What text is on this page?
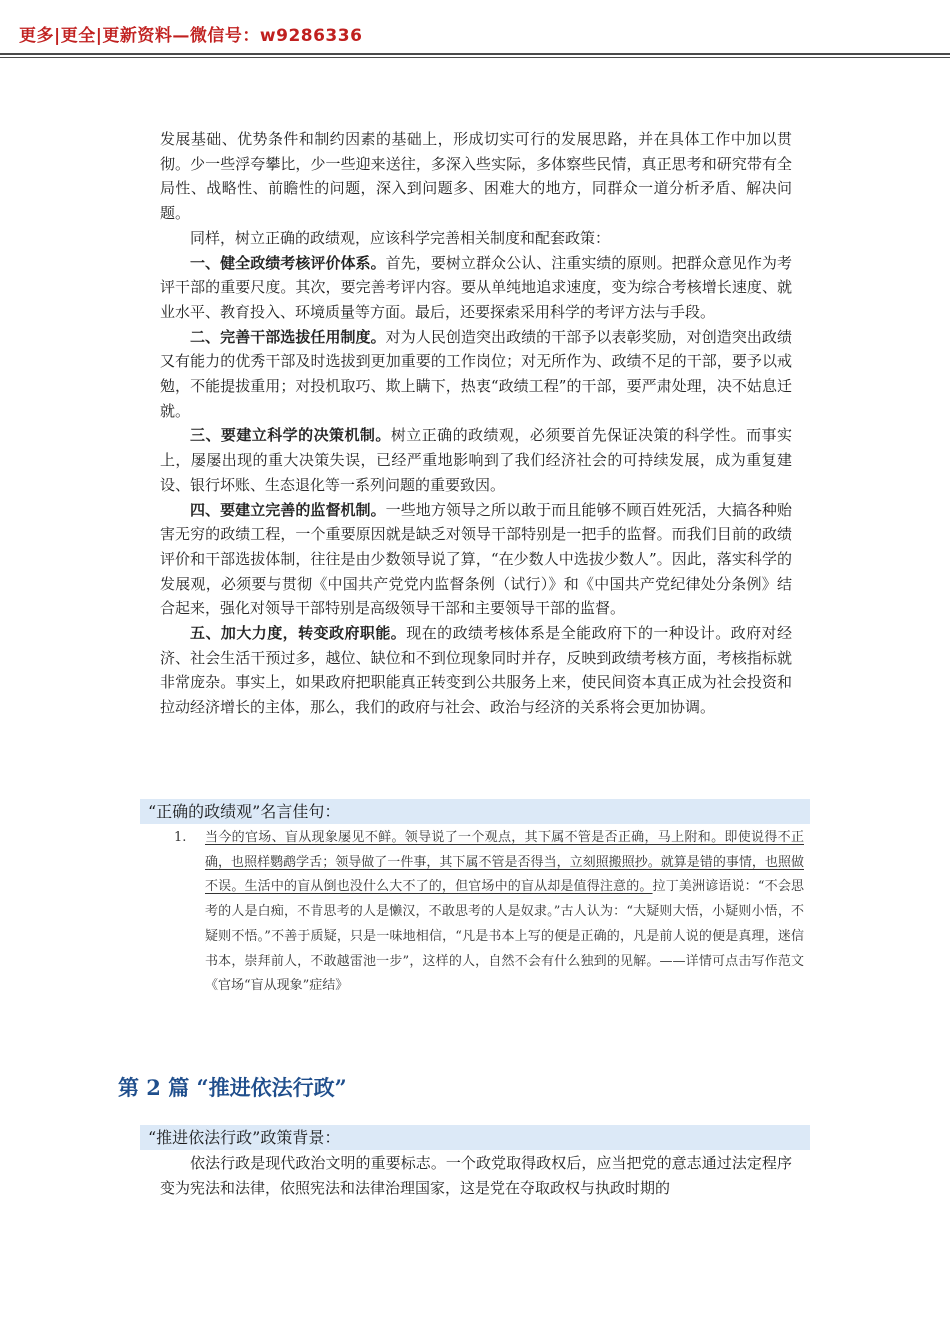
更多|更全|更新资料—微信号：w9286336

发展基础、优势条件和制约因素的基础上，形成切实可行的发展思路，并在具体工作中加以贯彻。少一些浮夸攀比，少一些迎来送往，多深入些实际，多体察些民情，真正思考和研究带有全局性、战略性、前瞻性的问题，深入到问题多、困难大的地方，同群众一道分析矛盾、解决问题。

同样，树立正确的政绩观，应该科学完善相关制度和配套政策：

一、健全政绩考核评价体系。首先，要树立群众公认、注重实绩的原则。把群众意见作为考评干部的重要尺度。其次，要完善考评内容。要从单纯地追求速度，变为综合考核增长速度、就业水平、教育投入、环境质量等方面。最后，还要探索采用科学的考评方法与手段。

二、完善干部选拔任用制度。对为人民创造突出政绩的干部予以表彰奖励，对创造突出政绩又有能力的优秀干部及时选拔到更加重要的工作岗位；对无所作为、政绩不足的干部，要予以戒勉，不能提拔重用；对投机取巧、欺上瞒下，热衷“政绩工程”的干部，要严肃处理，决不姑息迁就。

三、要建立科学的决策机制。树立正确的政绩观，必须要首先保证决策的科学性。而事实上，屡屡出现的重大决策失误，已经严重地影响到了我们经济社会的可持续发展，成为重复建设、银行坏账、生态退化等一系列问题的重要致因。

四、要建立完善的监督机制。一些地方领导之所以敢于而且能够不顾百姓死活，大搞各种贻害无穷的政绩工程，一个重要原因就是缺乏对领导干部特别是一把手的监督。而我们目前的政绩评价和干部选拔体制，往往是由少数领导说了算，“在少数人中选拔少数人”。因此，落实科学的发展观，必须要与贯彻《中国共产党党内监督条例（试行）》和《中国共产党纪律处分条例》结合起来，强化对领导干部特别是高级领导干部和主要领导干部的监督。

五、加大力度，转变政府职能。现在的政绩考核体系是全能政府下的一种设计。政府对经济、社会生活干预过多，越位、缺位和不到位现象同时并存，反映到政绩考核方面，考核指标就非常庞杂。事实上，如果政府把职能真正转变到公共服务上来，使民间资本真正成为社会投资和拉动经济增长的主体，那么，我们的政府与社会、政治与经济的关系将会更加协调。

“正确的政绩观”名言佳句：
1. 当今的官场、盲从现象屡见不鲜。领导说了一个观点，其下属不管是否正确，马上附和。即使说得不正确，也照样鹦鹉学舌；领导做了一件事，其下属不管是否得当，立刻照搬照抄。就算是错的事情，也照做不误。生活中的盲从倒也没什么大不了的，但官场中的盲从却是值得注意的。拉丁美洲谚语说：“不会思考的人是白痴，不肯思考的人是懒汉，不敢思考的人是奴隶。”古人认为：“大疑则大悟，小疑则小悟，不疑则不悟。”不善于质疑，只是一味地相信，“凡是书本上写的便是正确的，凡是前人说的便是真理，迷信书本，崇拜前人，不敢越雷池一步”，这样的人，自然不会有什么独到的见解。——详情可点击写作范文《官场“盲从现象”症结》
第 2 篇 “推进依法行政”
“推进依法行政”政策背景：

依法行政是现代政治文明的重要标志。一个政党取得政权后，应当把党的意志通过法定程序变为宪法和法律，依照宪法和法律治理国家，这是党在夺取政权与执政时期的
